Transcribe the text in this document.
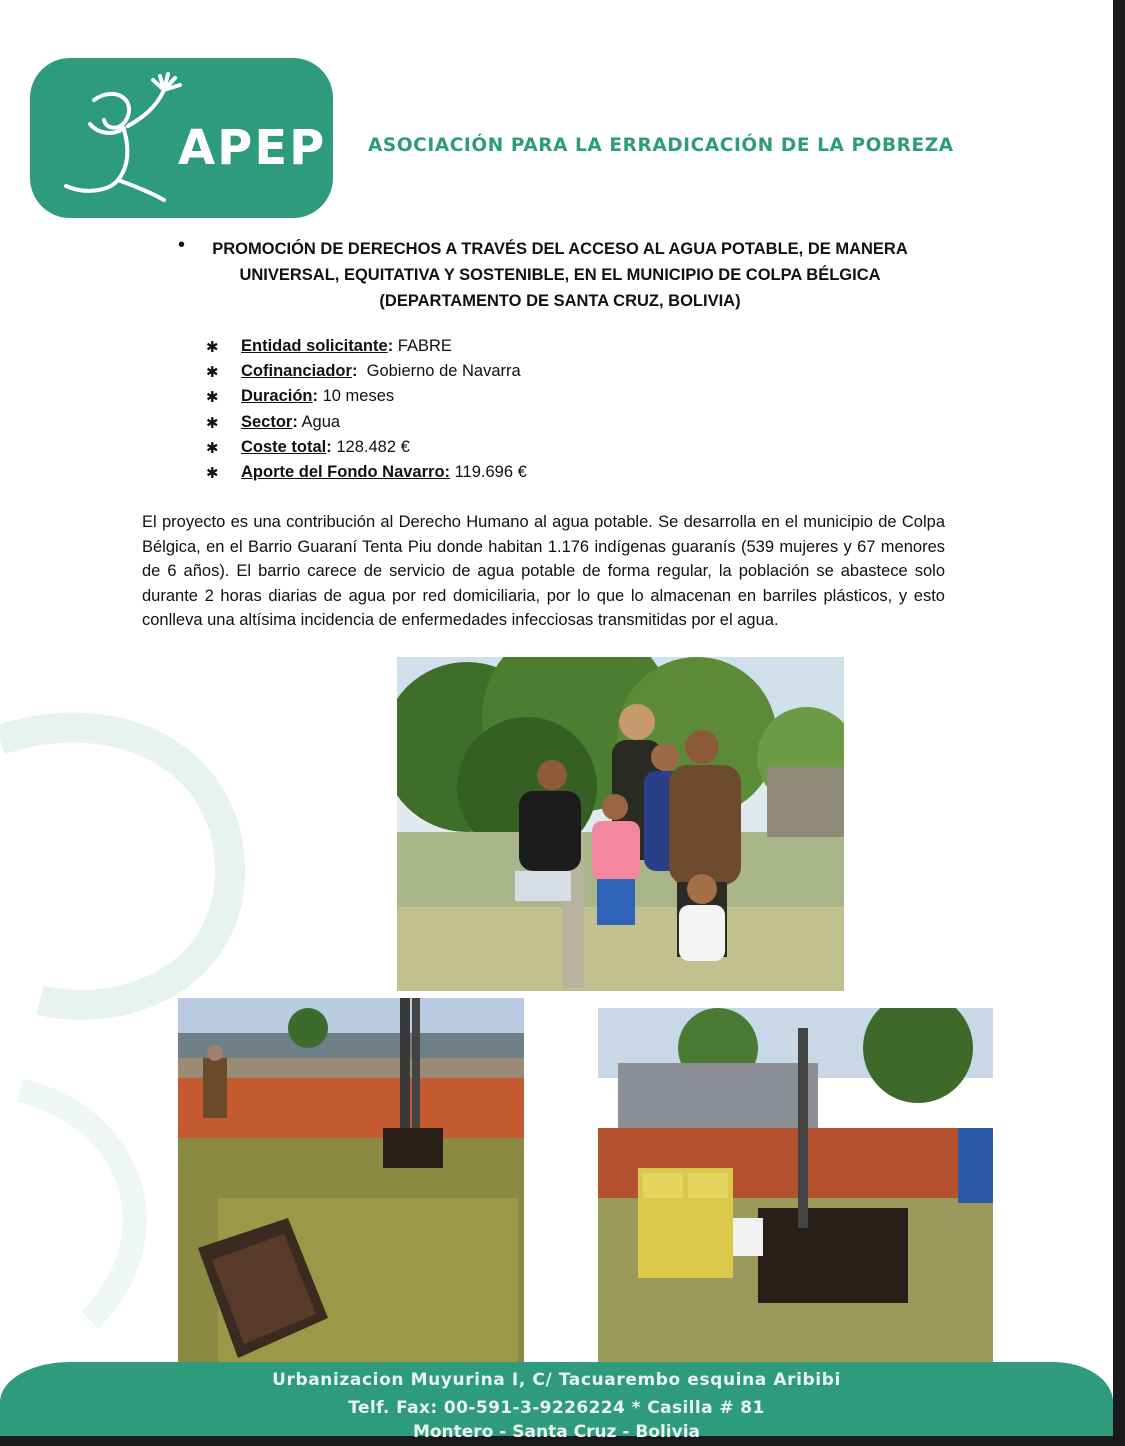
APEP ASOCIACIÓN PARA LA ERRADICACIÓN DE LA POBREZA
•	PROMOCIÓN DE DERECHOS A TRAVÉS DEL ACCESO AL AGUA POTABLE, DE MANERA
UNIVERSAL, EQUITATIVA Y SOSTENIBLE, EN EL MUNICIPIO DE COLPA BÉLGICA
(DEPARTAMENTO DE SANTA CRUZ, BOLIVIA)
✱ Entidad solicitante: FABRE
✱ Cofinanciador:  Gobierno de Navarra
✱ Duración: 10 meses
✱ Sector: Agua
✱ Coste total: 128.482 €
✱ Aporte del Fondo Navarro: 119.696 €
El proyecto es una contribución al Derecho Humano al agua potable. Se desarrolla en el municipio de Colpa Bélgica, en el Barrio Guaraní Tenta Piu donde habitan 1.176 indígenas guaranís (539 mujeres y 67 menores de 6 años). El barrio carece de servicio de agua potable de forma regular, la población se abastece solo durante 2 horas diarias de agua por red domiciliaria, por lo que lo almacenan en barriles plásticos, y esto conlleva una altísima incidencia de enfermedades infecciosas transmitidas por el agua.
Urbanizacion Muyurina I, C/ Tacuarembo esquina Aribibi
Telf. Fax: 00-591-3-9226224 * Casilla # 81
Montero - Santa Cruz - Bolivia
